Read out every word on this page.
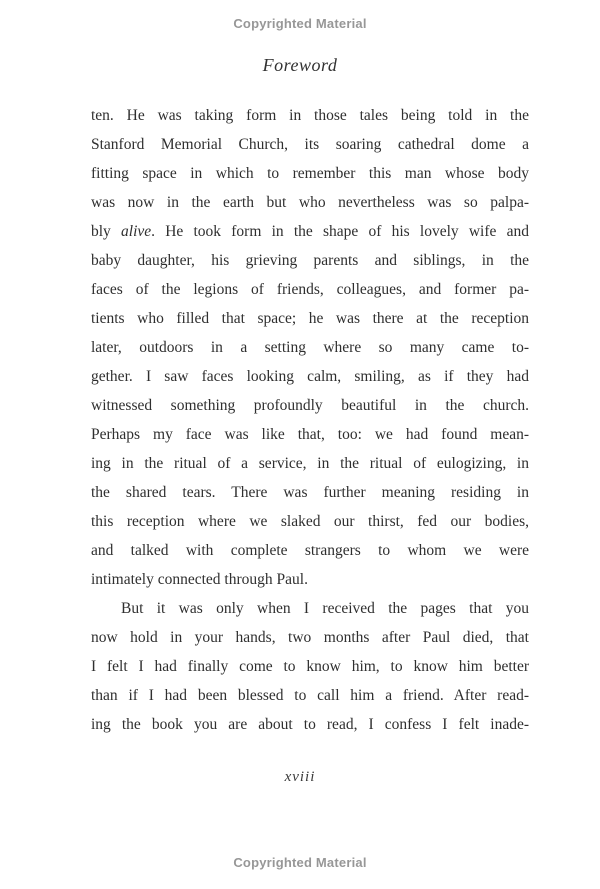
Copyrighted Material
Foreword
ten. He was taking form in those tales being told in the
Stanford Memorial Church, its soaring cathedral dome a
fitting space in which to remember this man whose body
was now in the earth but who nevertheless was so palpa-
bly alive. He took form in the shape of his lovely wife and
baby daughter, his grieving parents and siblings, in the
faces of the legions of friends, colleagues, and former pa-
tients who filled that space; he was there at the reception
later, outdoors in a setting where so many came to-
gether. I saw faces looking calm, smiling, as if they had
witnessed something profoundly beautiful in the church.
Perhaps my face was like that, too: we had found mean-
ing in the ritual of a service, in the ritual of eulogizing, in
the shared tears. There was further meaning residing in
this reception where we slaked our thirst, fed our bodies,
and talked with complete strangers to whom we were
intimately connected through Paul.
But it was only when I received the pages that you
now hold in your hands, two months after Paul died, that
I felt I had finally come to know him, to know him better
than if I had been blessed to call him a friend. After read-
ing the book you are about to read, I confess I felt inade-
xviii
Copyrighted Material
